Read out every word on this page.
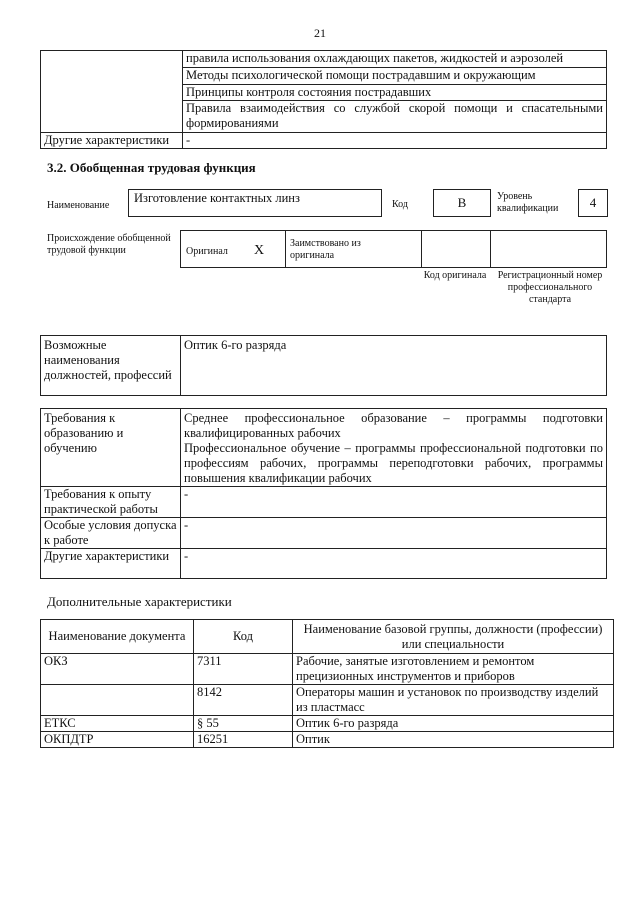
21
	правила использования охлаждающих пакетов, жидкостей и аэрозолей
	Методы психологической помощи пострадавшим и окружающим
	Принципы контроля состояния пострадавших
	Правила взаимодействия со службой скорой помощи и спасательными формированиями
Другие характеристики	-
3.2. Обобщенная трудовая функция
Наименование
Изготовление контактных линз	Код	B	Уровень квалификации	4
Происхождение обобщенной трудовой функции	Оригинал X	Заимствовано из оригинала
Код оригинала	Регистрационный номер профессионального стандарта
Возможные наименования должностей, профессий	Оптик 6-го разряда
Требования к образованию и обучению	Среднее профессиональное образование – программы подготовки квалифицированных рабочих
Профессиональное обучение – программы профессиональной подготовки по профессиям рабочих, программы переподготовки рабочих, программы повышения квалификации рабочих

Требования к опыту практической работы	-
Особые условия допуска к работе	-
Другие характеристики	-
Дополнительные характеристики
Наименование документа	Код	Наименование базовой группы, должности (профессии) или специальности
ОКЗ	7311	Рабочие, занятые изготовлением и ремонтом прецизионных инструментов и приборов
	8142	Операторы машин и установок по производству изделий из пластмасс
ЕТКС	§ 55	Оптик 6-го разряда
ОКПДТР	16251	Оптик
